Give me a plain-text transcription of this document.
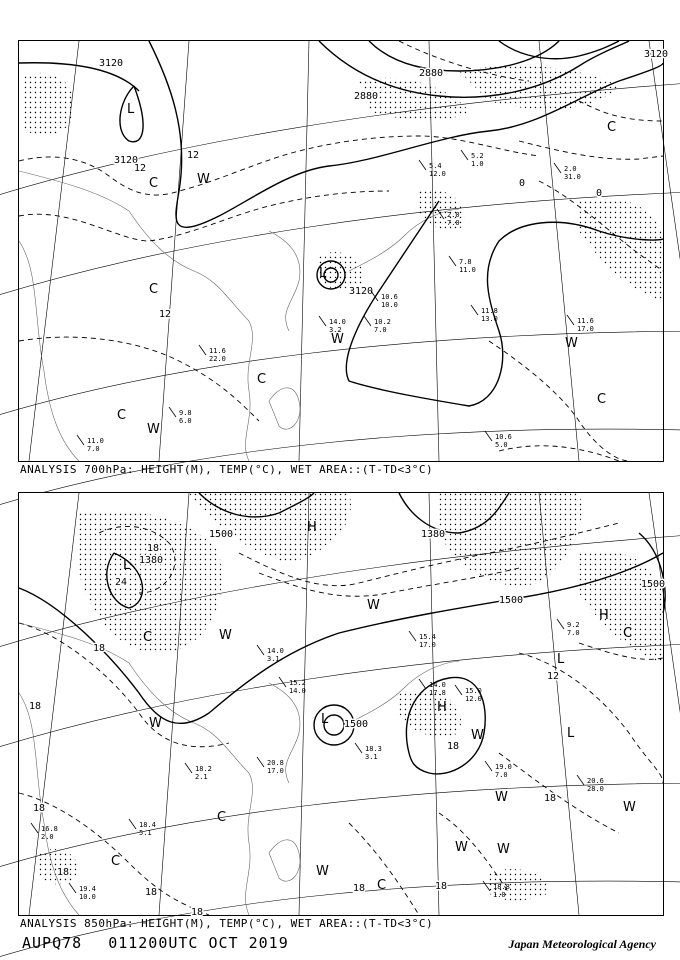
3120
3120
3120
3120
2880
2880
12
12
12
0
0
L
L
C	W
C
W
C
C
W
C
W
C
11.8
13.0	11.6
17.0
10.6
5.0
2.0
31.0
7.8
11.0
10.2
7.0
10.6
10.0
9.8
6.0
11.0
7.0
11.6
22.0
14.0
3.2
5.4
12.0
5.2
1.0
2.0
7.0
ANALYSIS 700hPa: HEIGHT(M), TEMP(°C), WET AREA::(T-TD<3°C)
1500
1380
1380
1500
1500
1500
18
24
18
12
18
18
18
18
18
18
18
18	18
H
L
C	W
W
H
L
L
W	L
H
W
W
W
W W
C
C
W
C
C
19.0
7.0
20.6
28.0
9.2
7.0
18.8
1.0
14.0
17.8	15.0
12.0
15.4
17.0
18.3
3.1
20.8
17.0
18.2
2.1
16.8
2.0
18.4
5.1
19.4
10.0
15.2
14.0
14.0
3.1
ANALYSIS 850hPa: HEIGHT(M), TEMP(°C), WET AREA::(T-TD<3°C)
AUPQ78 011200UTC OCT 2019	Japan Meteorological Agency
